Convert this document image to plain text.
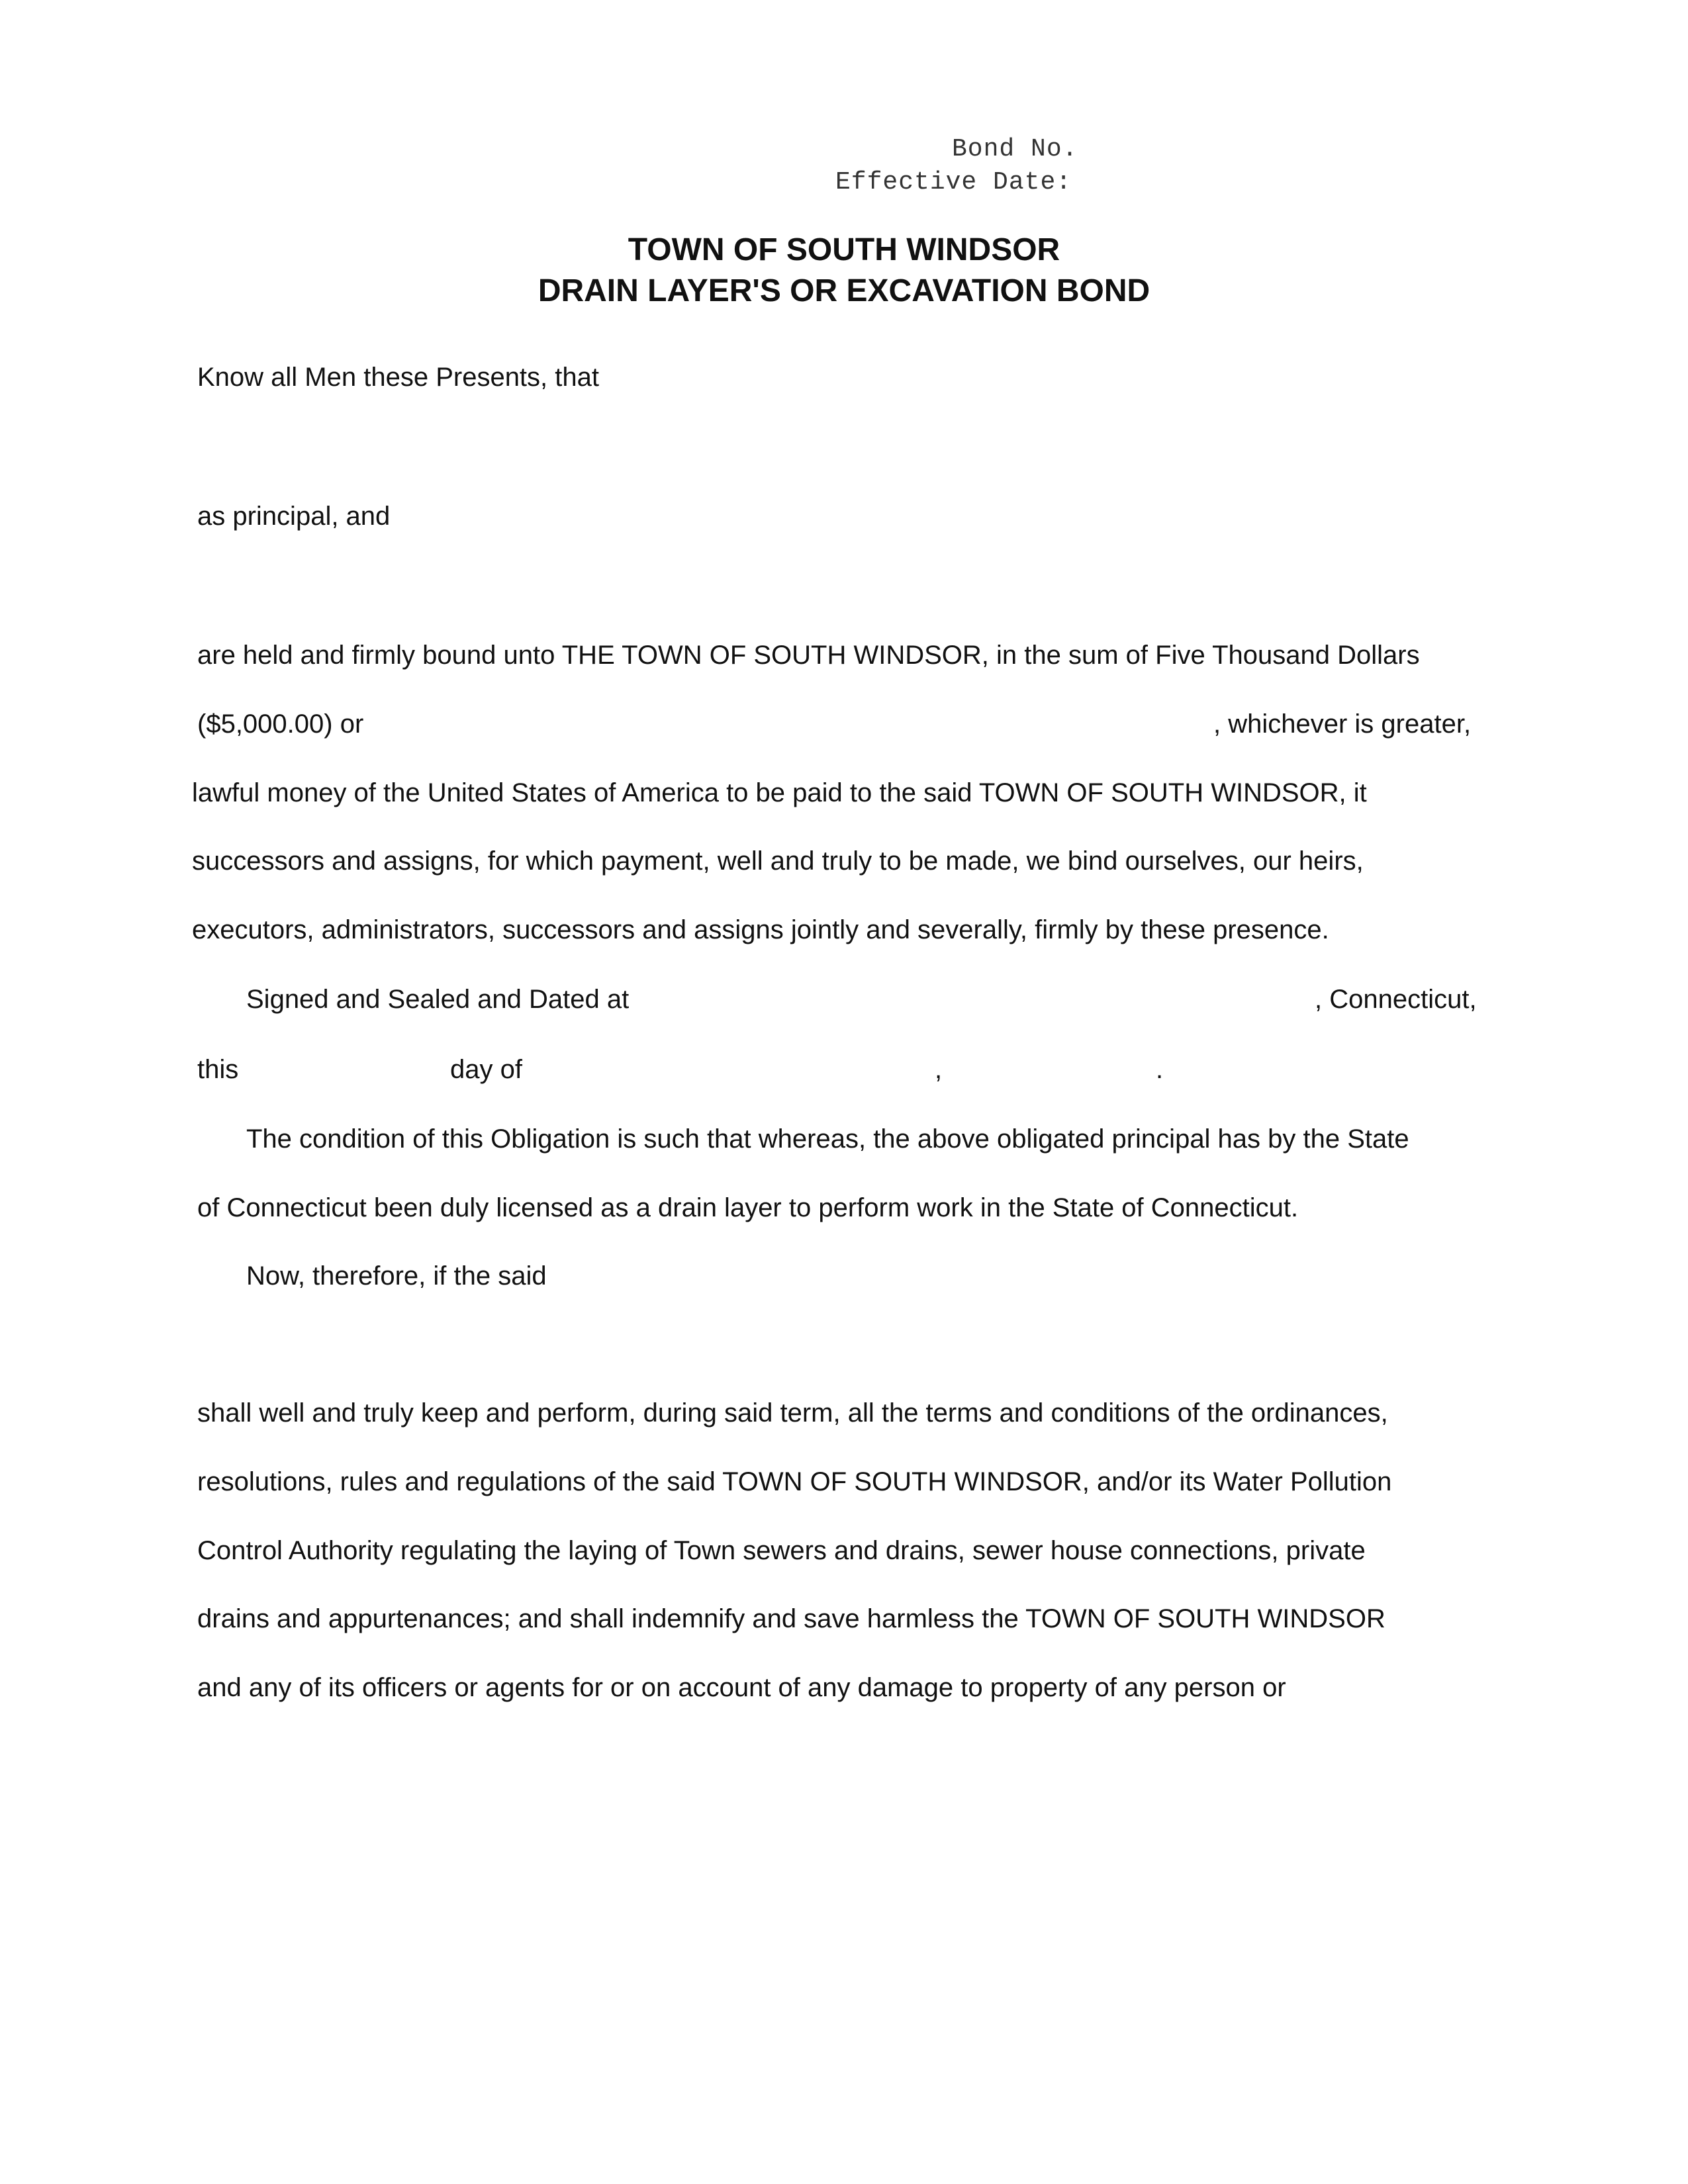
Bond No.
Effective Date:
TOWN OF SOUTH WINDSOR
DRAIN LAYER'S OR EXCAVATION BOND
Know all Men these Presents, that
as principal, and
are held and firmly bound unto THE TOWN OF SOUTH WINDSOR, in the sum of Five Thousand Dollars
($5,000.00) or	, whichever is greater,
lawful money of the United States of America to be paid to the said TOWN OF SOUTH WINDSOR, it
successors and assigns, for which payment, well and truly to be made, we bind ourselves, our heirs,
executors, administrators, successors and assigns jointly and severally, firmly by these presence.
Signed and Sealed and Dated at	, Connecticut,
this	day of	,	.
The condition of this Obligation is such that whereas, the above obligated principal has by the State
of Connecticut been duly licensed as a drain layer to perform work in the State of Connecticut.
Now, therefore, if the said
shall well and truly keep and perform, during said term, all the terms and conditions of the ordinances,
resolutions, rules and regulations of the said TOWN OF SOUTH WINDSOR, and/or its Water Pollution
Control Authority regulating the laying of Town sewers and drains, sewer house connections, private
drains and appurtenances; and shall indemnify and save harmless the TOWN OF SOUTH WINDSOR
and any of its officers or agents for or on account of any damage to property of any person or
